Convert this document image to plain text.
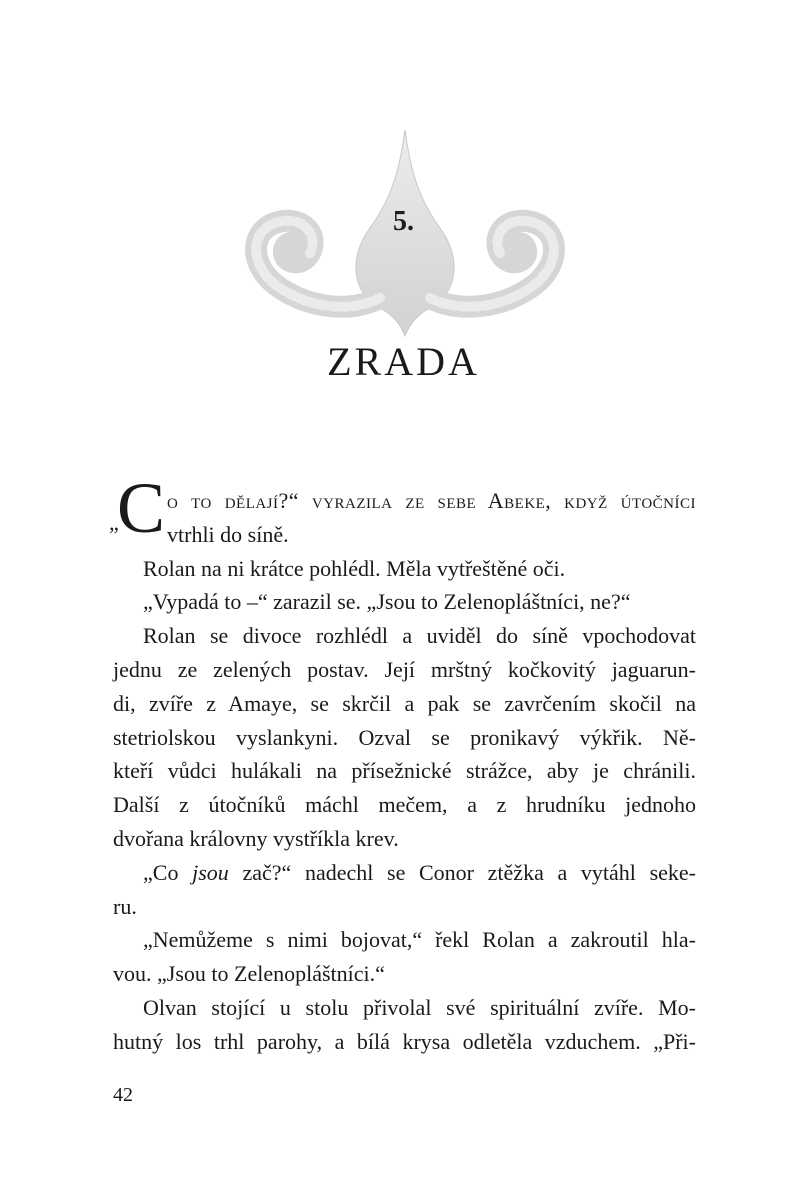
5.
ZRADA
„
C o to dělají?“ vyrazila ze sebe Abeke, když útočníci
vtrhli do síně.
Rolan na ni krátce pohlédl. Měla vytřeštěné oči.
„Vypadá to –“ zarazil se. „Jsou to Zelenopláštníci, ne?“
Rolan se divoce rozhlédl a uviděl do síně vpochodovat
jednu ze zelených postav. Její mrštný kočkovitý jaguarun-
di, zvíře z Amaye, se skrčil a pak se zavrčením skočil na
stetriolskou vyslankyni. Ozval se pronikavý výkřik. Ně-
kteří vůdci hulákali na přísežnické strážce, aby je chránili.
Další z útočníků máchl mečem, a z hrudníku jednoho
dvořana královny vystříkla krev.
„Co jsou zač?“ nadechl se Conor ztěžka a vytáhl seke-
ru.
„Nemůžeme s nimi bojovat,“ řekl Rolan a zakroutil hla-
vou. „Jsou to Zelenopláštníci.“
Olvan stojící u stolu přivolal své spirituální zvíře. Mo-
hutný los trhl parohy, a bílá krysa odletěla vzduchem. „Při-
42
